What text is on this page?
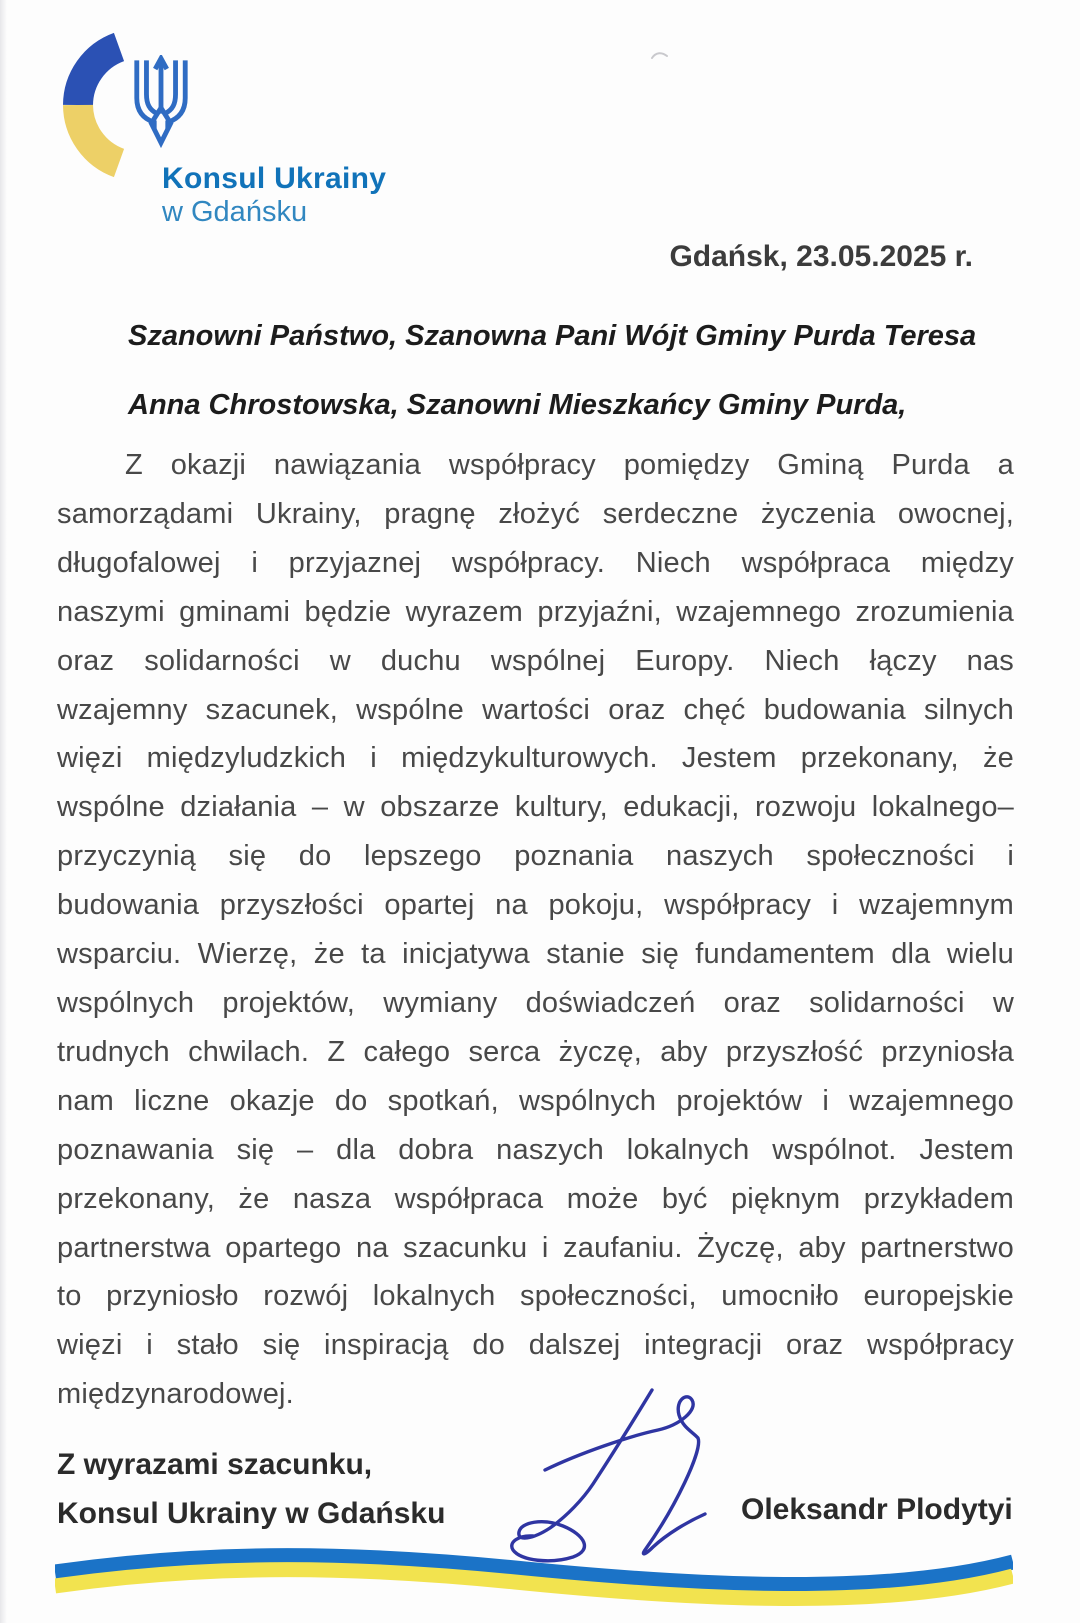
Konsul Ukrainy
w Gdańsku
Gdańsk, 23.05.2025 r.
Szanowni Państwo, Szanowna Pani Wójt Gminy Purda Teresa
Anna Chrostowska, Szanowni Mieszkańcy Gminy Purda,
Z okazji nawiązania współpracy pomiędzy Gminą Purda a samorządami Ukrainy, pragnę złożyć serdeczne życzenia owocnej, długofalowej i przyjaznej współpracy. Niech współpraca między naszymi gminami będzie wyrazem przyjaźni, wzajemnego zrozumienia oraz solidarności w duchu wspólnej Europy. Niech łączy nas wzajemny szacunek, wspólne wartości oraz chęć budowania silnych więzi międzyludzkich i międzykulturowych. Jestem przekonany, że wspólne działania – w obszarze kultury, edukacji, rozwoju lokalnego– przyczynią się do lepszego poznania naszych społeczności i budowania przyszłości opartej na pokoju, współpracy i wzajemnym wsparciu. Wierzę, że ta inicjatywa stanie się fundamentem dla wielu wspólnych projektów, wymiany doświadczeń oraz solidarności w trudnych chwilach. Z całego serca życzę, aby przyszłość przyniosła nam liczne okazje do spotkań, wspólnych projektów i wzajemnego poznawania się – dla dobra naszych lokalnych wspólnot. Jestem przekonany, że nasza współpraca może być pięknym przykładem partnerstwa opartego na szacunku i zaufaniu. Życzę, aby partnerstwo to przyniosło rozwój lokalnych społeczności, umocniło europejskie więzi i stało się inspiracją do dalszej integracji oraz współpracy międzynarodowej.
Z wyrazami szacunku,
Konsul Ukrainy w Gdańsku	Oleksandr Plodytyi
